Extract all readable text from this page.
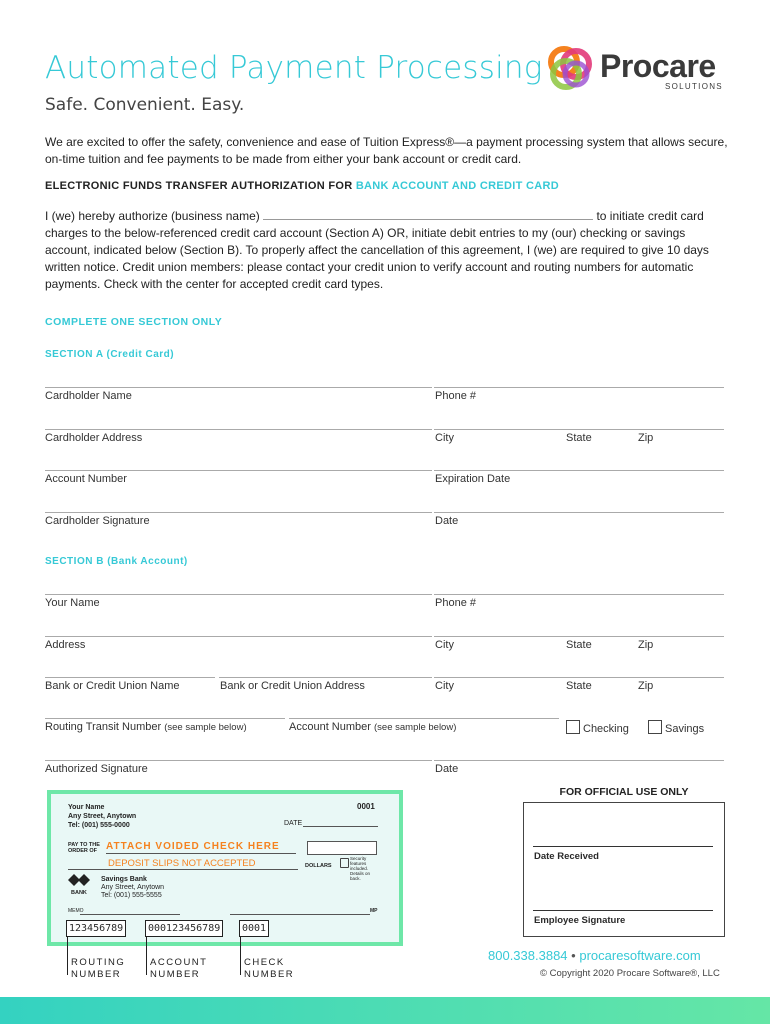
Automated Payment Processing
Safe. Convenient. Easy.
Procare
SOLUTIONS
We are excited to offer the safety, convenience and ease of Tuition Express®—a payment processing system that allows secure, on-time tuition and fee payments to be made from either your bank account or credit card.
ELECTRONIC FUNDS TRANSFER AUTHORIZATION FOR BANK ACCOUNT AND CREDIT CARD
I (we) hereby authorize (business name)	to initiate credit card charges to the below-referenced credit card account (Section A) OR, initiate debit entries to my (our) checking or savings account, indicated below (Section B). To properly affect the cancellation of this agreement, I (we) are required to give 10 days written notice. Credit union members: please contact your credit union to verify account and routing numbers for automatic payments. Check with the center for accepted credit card types.
COMPLETE ONE SECTION ONLY
SECTION A (Credit Card)
Cardholder Name	Phone #
Cardholder Address	City	State	Zip
Account Number	Expiration Date
Cardholder Signature	Date
SECTION B (Bank Account)
Your Name	Phone #
Address	City	State	Zip
Bank or Credit Union Name	Bank or Credit Union Address	City	State	Zip
Routing Transit Number (see sample below)	Account Number (see sample below)	Checking	Savings
Authorized Signature	Date
Your Name
Any Street, Anytown
Tel: (001) 555-0000
0001
DATE
PAY TO THE ORDER OF ATTACH VOIDED CHECK HERE
DEPOSIT SLIPS NOT ACCEPTED	DOLLARS
Security features included. Details on back.
BANK
Savings Bank
Any Street, Anytown
Tel: (001) 555-5555
MEMO	MP
123456789	000123456789	0001
ROUTING NUMBER
ACCOUNT NUMBER
CHECK NUMBER
FOR OFFICIAL USE ONLY
Date Received
Employee Signature
800.338.3884 • procaresoftware.com
© Copyright 2020 Procare Software®, LLC
